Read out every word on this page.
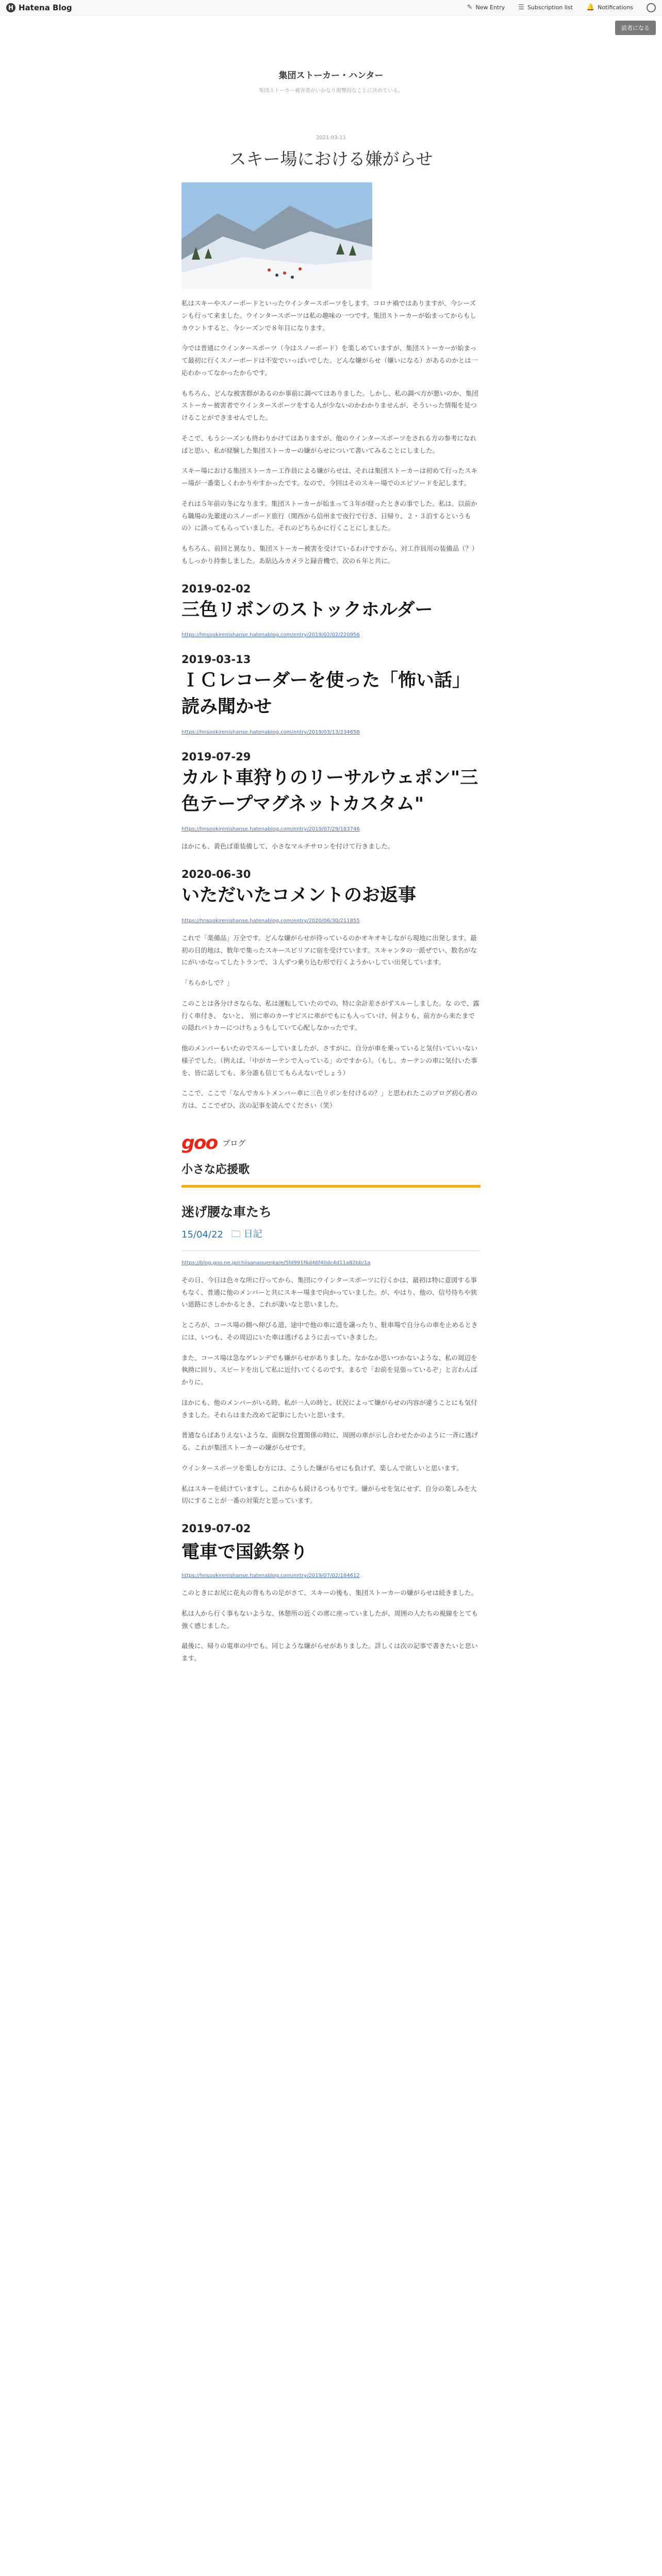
H Hatena Blog	✎ New Entry ☰ Subscription list 🔔 Notifications
読者になる
集団ストーカー・ハンター
集団ストーカー被害者がいかなり復讐的なことに決めている。
2021-03-11
スキー場における嫌がらせ

私はスキーやスノーボードといったウインタースポーツをします。コロナ禍ではありますが、今シーズンも行って来ました。ウインタースポーツは私の趣味の一つです。集団ストーカーが始まってからもしカウントすると、今シーズンで８年目になります。

今では普通にウインタースポーツ（今はスノーボード）を楽しめていますが、集団ストーカーが始まって最初に行くスノーボードは不安でいっぱいでした。どんな嫌がらせ（嫌いになる）があるのかとは一応わかってなかったからです。

もちろん、どんな被害群があるのか事前に調べてはありました。しかし、私の調べ方が悪いのか、集団ストーカー被害者でウインタースポーツをする人が少ないのかわかりませんが、そういった情報を見つけることができませんでした。

そこで、もうシーズンも終わりかけてはありますが、他のウインタースポーツをされる方の参考になればと思い、私が経験した集団ストーカーの嫌がらせについて書いてみることにしました。

スキー場における集団ストーカー工作員による嫌がらせは、それは集団ストーカーは初めて行ったスキー場が一番楽しくわかりやすかったです。なので、今回はそのスキー場でのエピソードを記します。

それは５年前の冬になります。集団ストーカーが始まって３年が経ったときの事でした。私は、以前から職場の先輩達のスノーボード旅行（関西から信州まで夜行で行き、日帰り、２・３泊するというもの）に誘ってもらっていました。それのどちらかに行くことにしました。

もちろん、前回と異なり、集団ストーカー被害を受けているわけですから、対工作員用の装備品（？）もしっかり持参しました。あ貼込みカメラと録音機で、次の６年と共に。

2019-02-02
三色リボンのストックホルダー
https://hnsookirenishanse.hatenablog.com/entry/2019/02/02/220956
2019-03-13
ＩＣレコーダーを使った「怖い話」読み聞かせ
https://hnsookirenishanse.hatenablog.com/entry/2019/03/13/234658
2019-07-29
カルト車狩りのリーサルウェポン"三色テープマグネットカスタム"
https://hnsookirenishanse.hatenablog.com/entry/2019/07/29/183746

ほかにも、黄色ぱ重装備して、小さなマルチサロンを付けて行きました。

2020-06-30
いただいたコメントのお返事
https://hnsookirenishanse.hatenablog.com/entry/2020/06/30/211855

これで「楽備品」万全です。どんな嫌がらせが待っているのかオキオキしながら現地に出発します。最初の目的地は、数年で集ったスキースビリアに宿を受けています。スキャンタの一派ぜでい、数名がなにがいかなってしたトランで、３人ずつ乗り込む形で行くようかいしてい出発しています。

「ちらかしで？」

このことは各分けさならな、私は運転していたのでの、特に余計差さがずスルーしました。な ので、露行く車付き、 ないと、 別に車のカーすビスに車がでもにも入っていけ、何よりも、前方から来たまでの隠れパトカーにつけちょうもしていて心配しなかったです。

他のメンバーもいたのでスルーしていましたが、さすがに、自分が車を乗っていると気付いていいない様子でした。（例えば、「中がカーテンで入っている」のですから）。（もし、カーテンの車に気付いた事を、皆に話しても、多分誰も信じてもらえないでしょう）

ここで、ここで「なんでカルトメンバー車に三色リボンを付けるの？」と思われたこのブログ初心者の方は、ここでぜひ、次の記事を読んでください（笑）

goo ブログ
小さな応援歌
迷げ腰な車たち
15/04/22 🗀 日記
https://blog.goo.ne.jp/chiisanaouenka/e/5fd991f6d46f40dc4d11a82bb/1a

その日、今日は色々な所に行ってから、集団にウインタースポーツに行くかは、最初は特に意図する事もなく、普通に他のメンバーと共にスキー場まで向かっていました。が、やはり、他の、信号待ちや狭い道路にさしかかるとき、これが凄いなと思いました。

ところが、コース場の側へ伸びる道、途中で他の車に道を譲ったり、駐車場で自分らの車を止めるときには、いつも、その周辺にいた車は逃げるように去っていきました。

また、コース場は急なゲレンデでも嫌がらせがありました。なかなか思いつかないような、私の周辺を執拗に回り、スピードを出して私に近付いてくるのです。まるで「お前を見張っているぞ」と言わんばかりに。

ほかにも、他のメンバーがいる時、私が一人の時と、状況によって嫌がらせの内容が違うことにも気付きました。それらはまた改めて記事にしたいと思います。

普通ならばありえないような、面倒な位置関係の時に、周囲の車が示し合わせたかのように一斉に逃げる。これが集団ストーカーの嫌がらせです。

ウインタースポーツを楽しむ方には、こうした嫌がらせにも負けず、楽しんで欲しいと思います。

私はスキーを続けていますし、これからも続けるつもりです。嫌がらせを気にせず、自分の楽しみを大切にすることが一番の対策だと思っています。

2019-07-02
電車で国鉄祭り
https://hnsookirenishanse.hatenablog.com/entry/2019/07/02/184612

このときにお尻に花丸の背もちの足がさて、スキーの後も、集団ストーカーの嫌がらせは続きました。

私は人から行く事もないような、休憩所の近くの席に座っていましたが、周囲の人たちの視線をとても強く感じました。

最後に、帰りの電車の中でも、同じような嫌がらせがありました。詳しくは次の記事で書きたいと思います。
